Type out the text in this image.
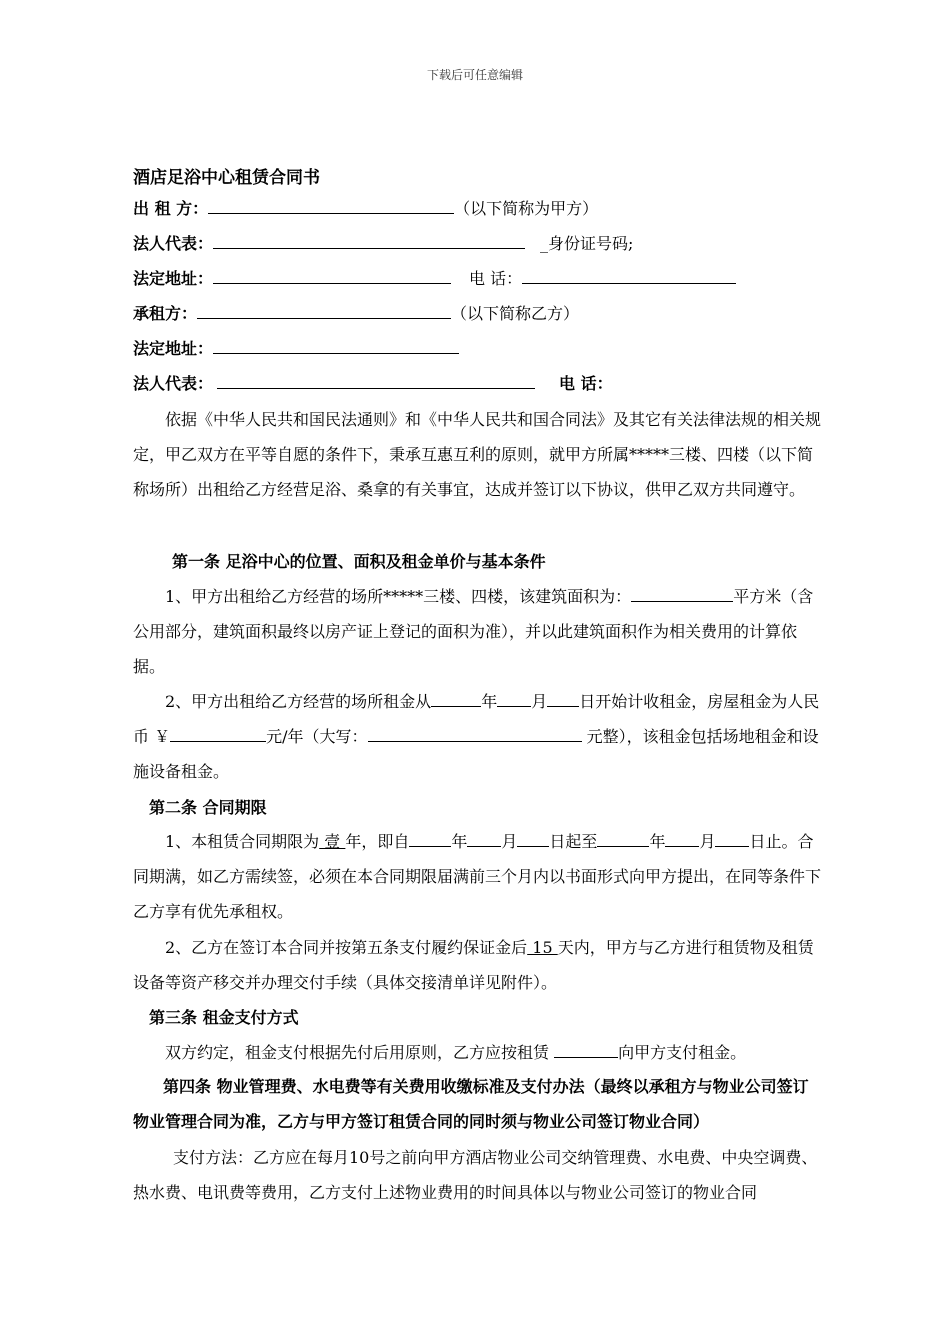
下载后可任意编辑
酒店足浴中心租赁合同书
出 租 方：	（以下简称为甲方）
法人代表：	_身份证号码;
法定地址：	电 话：
承租方：	（以下简称乙方）
法定地址：
法人代表：	电 话：
依据《中华人民共和国民法通则》和《中华人民共和国合同法》及其它有关法律法规的相关规定，甲乙双方在平等自愿的条件下，秉承互惠互利的原则，就甲方所属*****三楼、四楼（以下简称场所）出租给乙方经营足浴、桑拿的有关事宜，达成并签订以下协议，供甲乙双方共同遵守。
第一条 足浴中心的位置、面积及租金单价与基本条件
1、甲方出租给乙方经营的场所*****三楼、四楼，该建筑面积为：	平方米（含公用部分，建筑面积最终以房产证上登记的面积为准），并以此建筑面积作为相关费用的计算依据。
2、甲方出租给乙方经营的场所租金从	年 月 日开始计收租金，房屋租金为人民币 ￥	元/年（大写：	元整），该租金包括场地租金和设施设备租金。
第二条 合同期限
1、本租赁合同期限为 壹 年，即自	年 月 日起至	年 月 日止。合同期满，如乙方需续签，必须在本合同期限届满前三个月内以书面形式向甲方提出，在同等条件下乙方享有优先承租权。
2、乙方在签订本合同并按第五条支付履约保证金后 15 天内，甲方与乙方进行租赁物及租赁设备等资产移交并办理交付手续（具体交接清单详见附件）。
第三条 租金支付方式
双方约定，租金支付根据先付后用原则，乙方应按租赁	向甲方支付租金。
第四条 物业管理费、水电费等有关费用收缴标准及支付办法（最终以承租方与物业公司签订物业管理合同为准，乙方与甲方签订租赁合同的同时须与物业公司签订物业合同）
支付方法：乙方应在每月10号之前向甲方酒店物业公司交纳管理费、水电费、中央空调费、热水费、电讯费等费用，乙方支付上述物业费用的时间具体以与物业公司签订的物业合同
